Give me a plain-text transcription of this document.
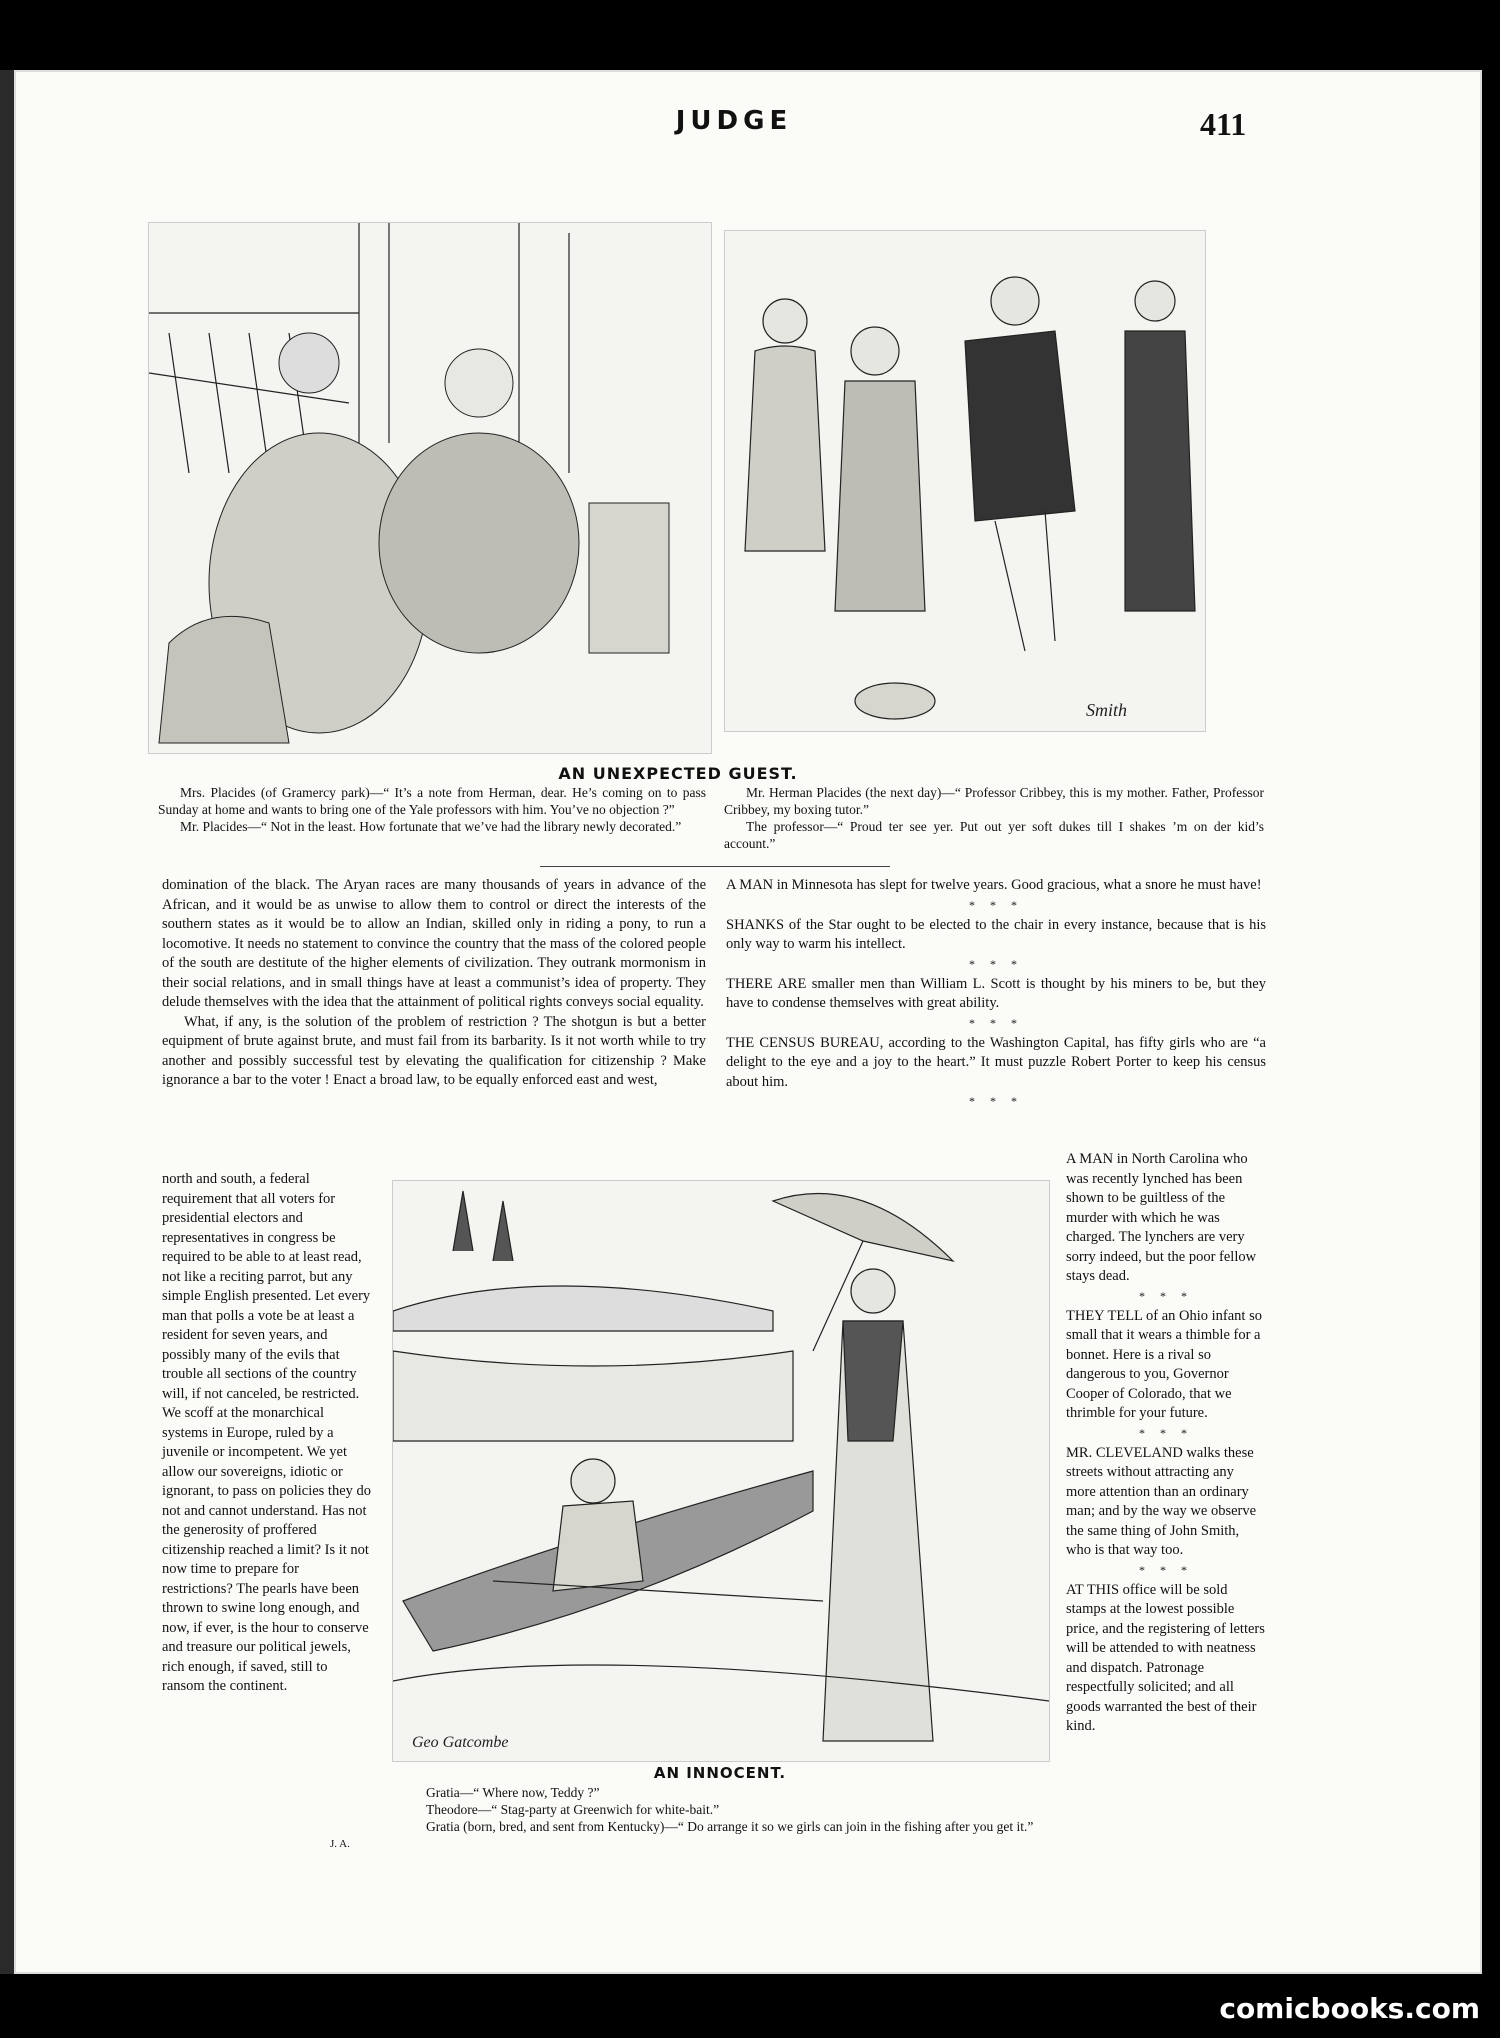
JUDGE	411
Smith
AN UNEXPECTED GUEST.

Mrs. Placides (of Gramercy park)—“ It’s a note from Herman, dear. He’s coming on to pass Sunday at home and wants to bring one of the Yale professors with him. You’ve no objection ?”

Mr. Placides—“ Not in the least. How fortunate that we’ve had the library newly decorated.”

Mr. Herman Placides (the next day)—“ Professor Cribbey, this is my mother. Father, Professor Cribbey, my boxing tutor.”

The professor—“ Proud ter see yer. Put out yer soft dukes till I shakes ’m on der kid’s account.”

domination of the black. The Aryan races are many thousands of years in advance of the African, and it would be as unwise to allow them to control or direct the interests of the southern states as it would be to allow an Indian, skilled only in riding a pony, to run a locomotive. It needs no statement to convince the country that the mass of the colored people of the south are destitute of the higher elements of civilization. They outrank mormonism in their social relations, and in small things have at least a communist’s idea of property. They delude themselves with the idea that the attainment of political rights conveys social equality.

What, if any, is the solution of the problem of restriction ? The shotgun is but a better equipment of brute against brute, and must fail from its barbarity. Is it not worth while to try another and possibly successful test by elevating the qualification for citizenship ? Make ignorance a bar to the voter ! Enact a broad law, to be equally enforced east and west,

north and south, a federal requirement that all voters for presidential electors and representatives in congress be required to be able to at least read, not like a reciting parrot, but any simple English presented. Let every man that polls a vote be at least a resident for seven years, and possibly many of the evils that trouble all sections of the country will, if not canceled, be restricted. We scoff at the monarchical systems in Europe, ruled by a juvenile or incompetent. We yet allow our sovereigns, idiotic or ignorant, to pass on policies they do not and cannot understand. Has not the generosity of proffered citizenship reached a limit? Is it not now time to prepare for restrictions? The pearls have been thrown to swine long enough, and now, if ever, is the hour to conserve and treasure our political jewels, rich enough, if saved, still to ransom the continent.

J. A.

A MAN in Minnesota has slept for twelve years. Good gracious, what a snore he must have!

* * *

SHANKS of the Star ought to be elected to the chair in every instance, because that is his only way to warm his intellect.

* * *

THERE ARE smaller men than William L. Scott is thought by his miners to be, but they have to condense themselves with great ability.

* * *

THE CENSUS BUREAU, according to the Washington Capital, has fifty girls who are “a delight to the eye and a joy to the heart.” It must puzzle Robert Porter to keep his census about him.

* * *

A MAN in North Carolina who was recently lynched has been shown to be guiltless of the murder with which he was charged. The lynchers are very sorry indeed, but the poor fellow stays dead.

* * *

THEY TELL of an Ohio infant so small that it wears a thimble for a bonnet. Here is a rival so dangerous to you, Governor Cooper of Colorado, that we thrimble for your future.

* * *

MR. CLEVELAND walks these streets without attracting any more attention than an ordinary man; and by the way we observe the same thing of John Smith, who is that way too.

* * *

AT THIS office will be sold stamps at the lowest possible price, and the registering of letters will be attended to with neatness and dispatch. Patronage respectfully solicited; and all goods warranted the best of their kind.

Geo Gatcombe
AN INNOCENT.

Gratia—“ Where now, Teddy ?”

Theodore—“ Stag-party at Greenwich for white-bait.”

Gratia (born, bred, and sent from Kentucky)—“ Do arrange it so we girls can join in the fishing after you get it.”

comicbooks.com
